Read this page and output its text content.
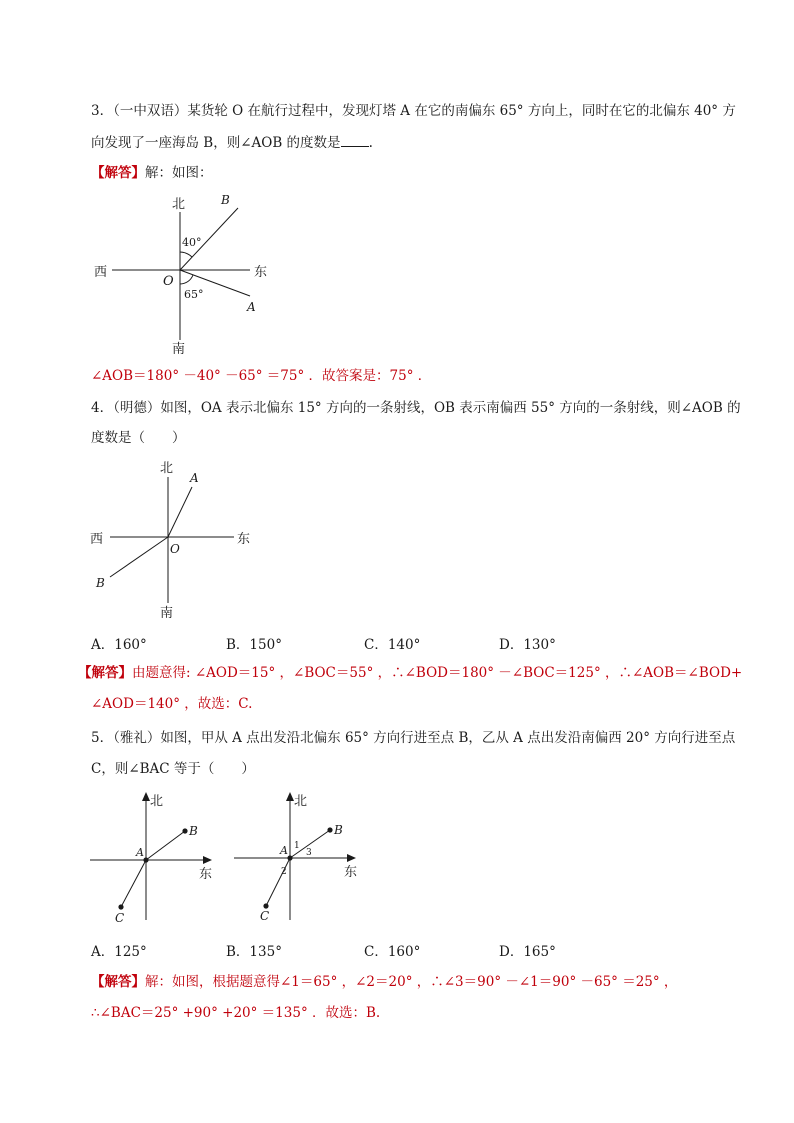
3．（一中双语）某货轮 O 在航行过程中，发现灯塔 A 在它的南偏东 65° 方向上，同时在它的北偏东 40° 方
向发现了一座海岛 B，则∠AOB 的度数是 .
【解答】解：如图：
北
南
西	东
O
B
A
40°
65°
∠AOB＝180° －40° －65° ＝75° ．故答案是：75° ．
4．（明德）如图，OA 表示北偏东 15° 方向的一条射线，OB 表示南偏西 55° 方向的一条射线，则∠AOB 的
度数是（　　）
北
南
西	东
O
A
B
A．160°	B．150°	C．140°	D．130°
【解答】由题意得: ∠AOD＝15° ，∠BOC＝55° ，∴∠BOD＝180° －∠BOC＝125° ，∴∠AOB＝∠BOD+
∠AOD＝140° ，故选：C.
5．（雅礼）如图，甲从 A 点出发沿北偏东 65° 方向行进至点 B，乙从 A 点出发沿南偏西 20° 方向行进至点
C，则∠BAC 等于（　　）
北
东
A
B
C
北
东
A
B
C
1
2
3
A．125°	B．135°	C．160°	D．165°
【解答】解：如图，根据题意得∠1＝65° ，∠2＝20° ，∴∠3＝90° －∠1＝90° －65° ＝25° ，
∴∠BAC＝25° +90° +20° ＝135° ．故选：B.
